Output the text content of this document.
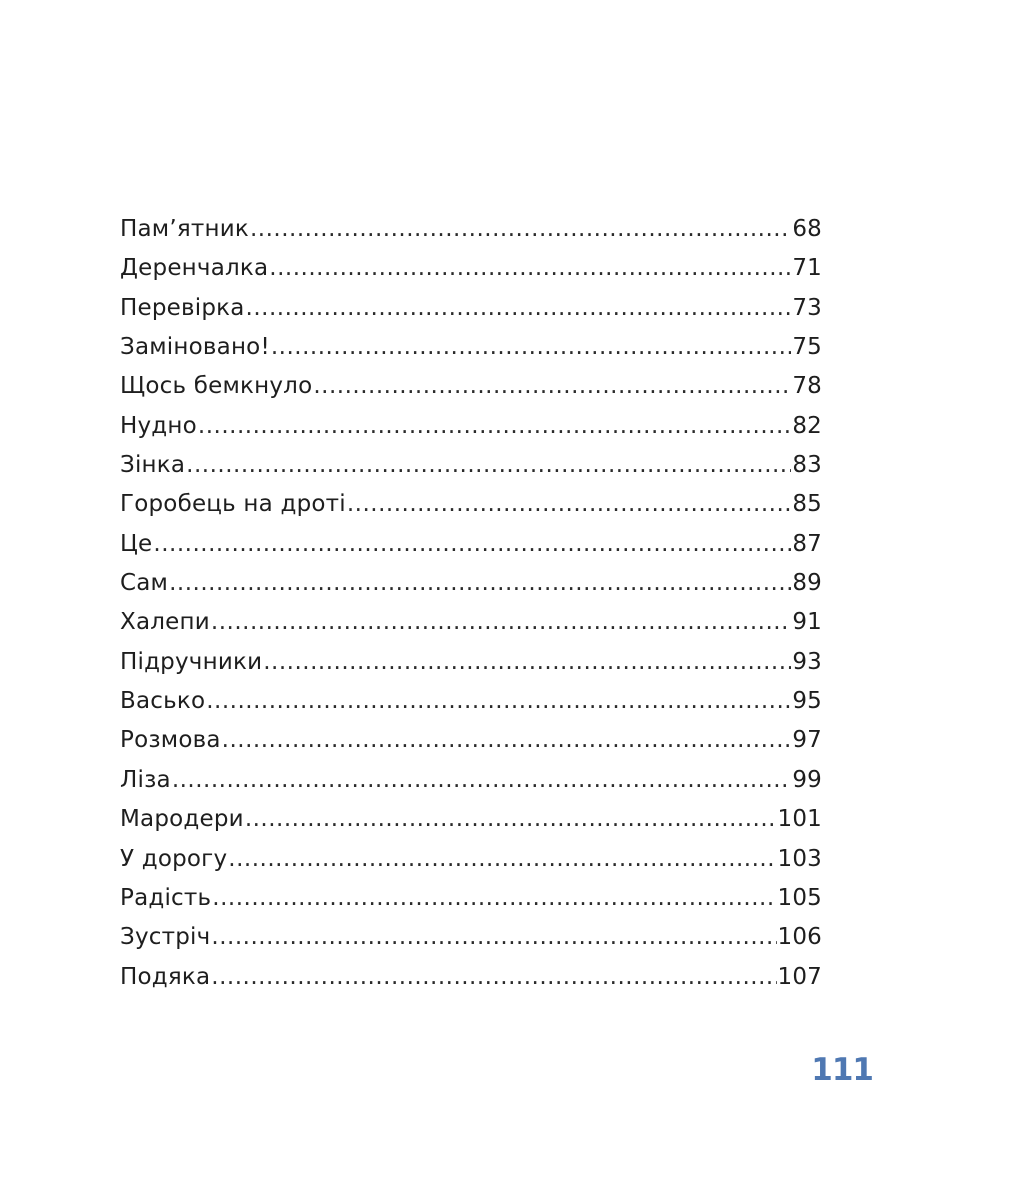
Пам’ятник .....	68
Деренчалка .....	71
Перевірка .....	73
Заміновано! .....	75
Щось бемкнуло .....	78
Нудно .....	82
Зінка .....	83
Горобець на дроті .....	85
Це .....	87
Сам .....	89
Халепи .....	91
Підручники .....	93
Васько .....	95
Розмова .....	97
Ліза .....	99
Мародери .....	101
У дорогу .....	103
Радість .....	105
Зустріч .....	106
Подяка .....	107
111
